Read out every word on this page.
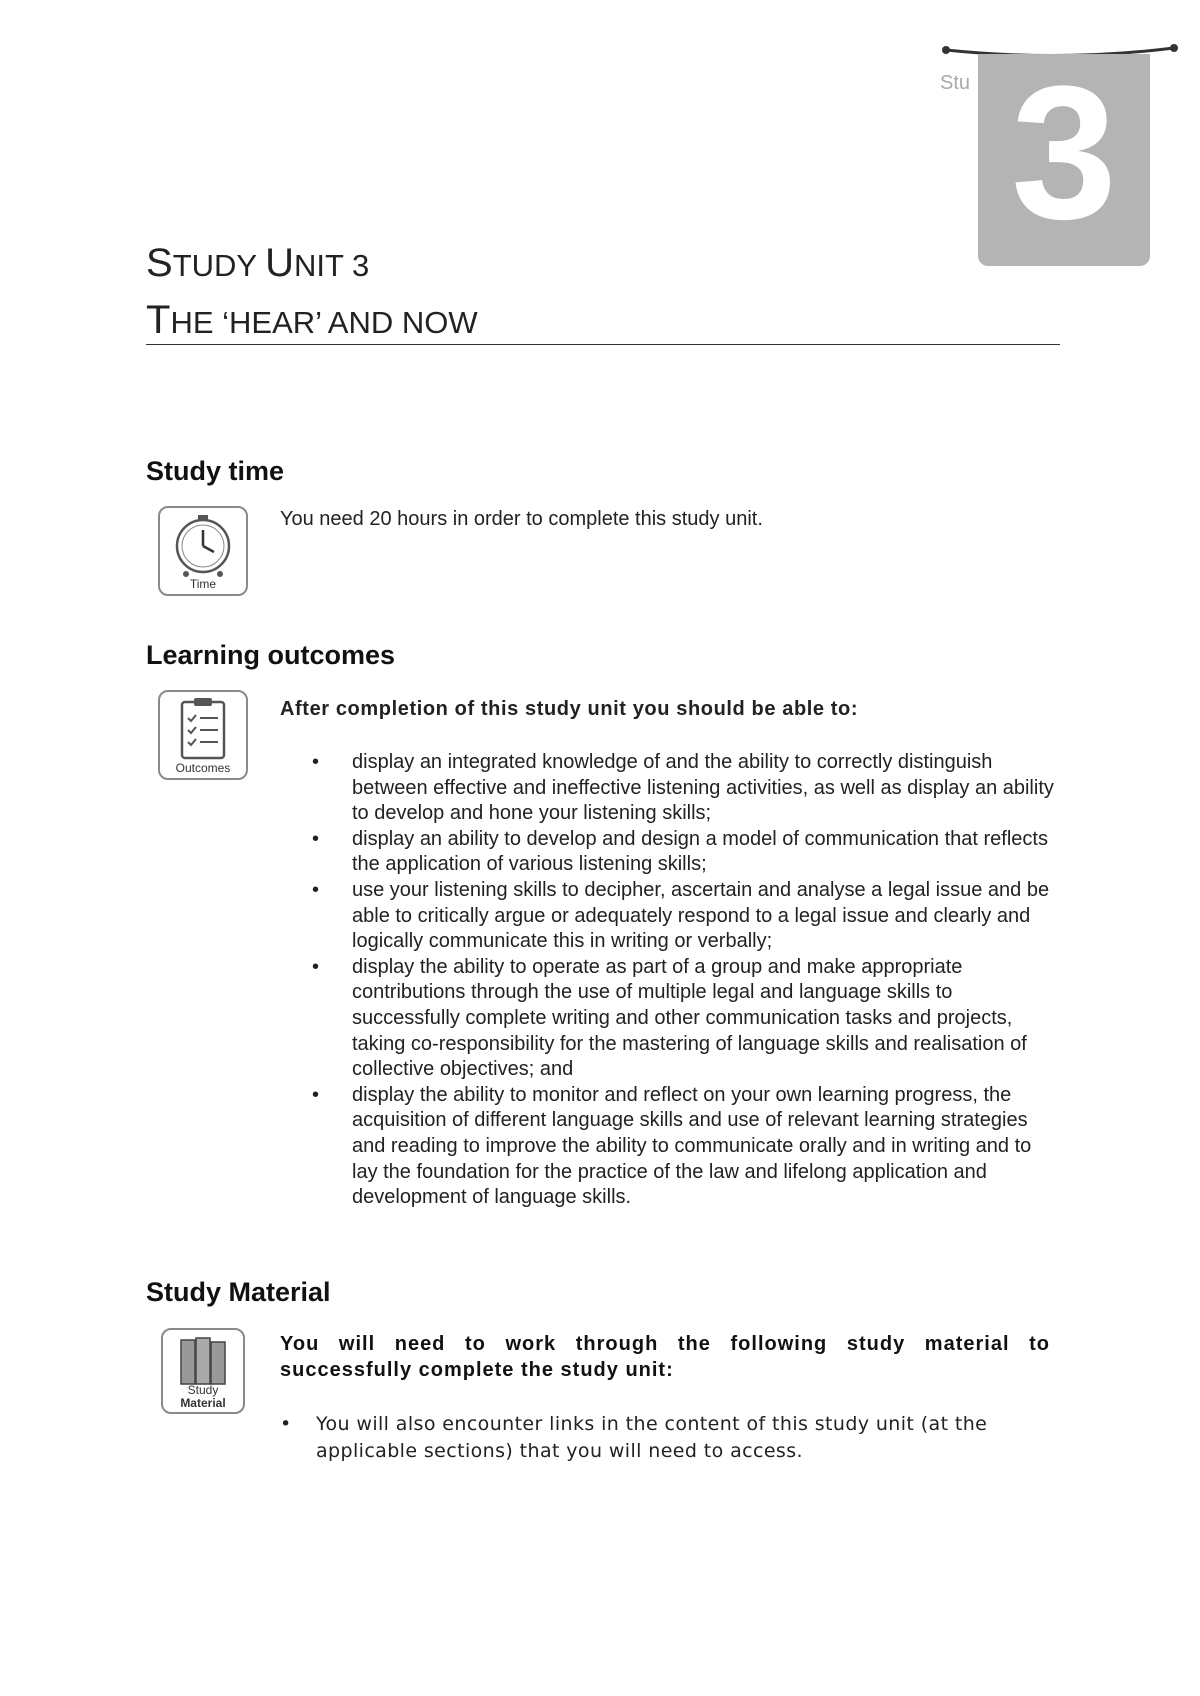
Stu 3
STUDY UNIT 3
THE ‘HEAR’ AND NOW
Study time
Time
You need 20 hours in order to complete this study unit.
Learning outcomes
Outcomes
After completion of this study unit you should be able to:
• display an integrated knowledge of and the ability to correctly distinguish between effective and ineffective listening activities, as well as display an ability to develop and hone your listening skills;
• display an ability to develop and design a model of communication that reflects the application of various listening skills;
• use your listening skills to decipher, ascertain and analyse a legal issue and be able to critically argue or adequately respond to a legal issue and clearly and logically communicate this in writing or verbally;
• display the ability to operate as part of a group and make appropriate contributions through the use of multiple legal and language skills to successfully complete writing and other communication tasks and projects, taking co-responsibility for the mastering of language skills and realisation of collective objectives; and
• display the ability to monitor and reflect on your own learning progress, the acquisition of different language skills and use of relevant learning strategies and reading to improve the ability to communicate orally and in writing and to lay the foundation for the practice of the law and lifelong application and development of language skills.
Study Material
Study
Material
You will need to work through the following study material to successfully complete the study unit:
• You will also encounter links in the content of this study unit (at the applicable sections) that you will need to access.
